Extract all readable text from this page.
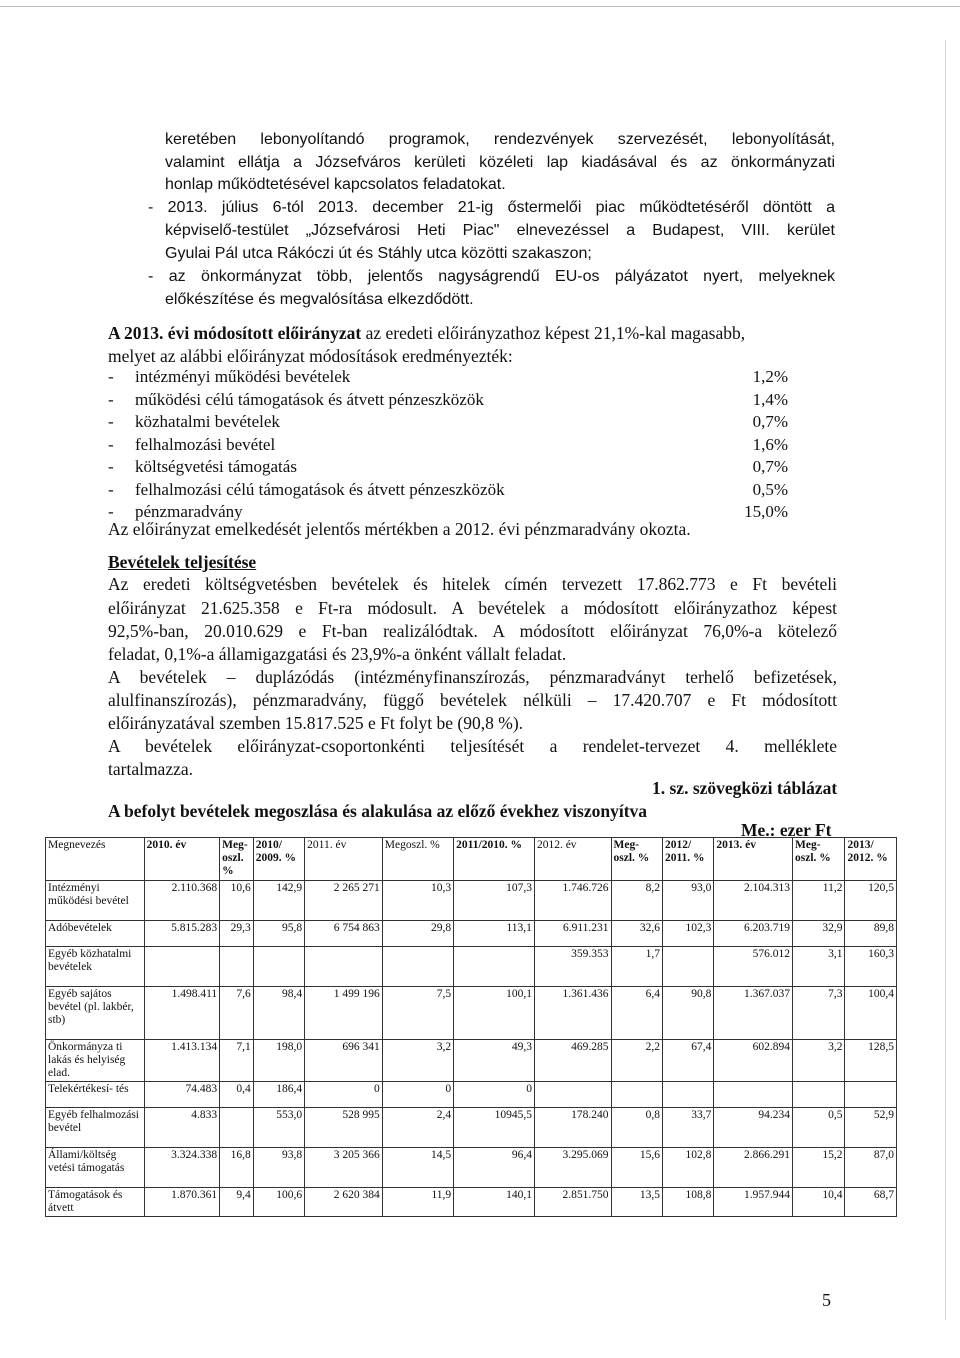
keretében lebonyolítandó programok, rendezvények szervezését, lebonyolítását,
valamint ellátja a Józsefváros kerületi közéleti lap kiadásával és az önkormányzati
honlap működtetésével kapcsolatos feladatokat.
- 2013. július 6-tól 2013. december 21-ig őstermelői piac működtetéséről döntött a
képviselő-testület „Józsefvárosi Heti Piac" elnevezéssel a Budapest, VIII. kerület
Gyulai Pál utca Rákóczi út és Stáhly utca közötti szakaszon;
- az önkormányzat több, jelentős nagyságrendű EU-os pályázatot nyert, melyeknek
előkészítése és megvalósítása elkezdődött.
A 2013. évi módosított előirányzat az eredeti előirányzathoz képest 21,1%-kal magasabb,
melyet az alábbi előirányzat módosítások eredményezték:
- intézményi működési bevételek	1,2%
- működési célú támogatások és átvett pénzeszközök	1,4%
- közhatalmi bevételek	0,7%
- felhalmozási bevétel	1,6%
- költségvetési támogatás	0,7%
- felhalmozási célú támogatások és átvett pénzeszközök	0,5%
- pénzmaradvány	15,0%
Az előirányzat emelkedését jelentős mértékben a 2012. évi pénzmaradvány okozta.
Bevételek teljesítése
Az eredeti költségvetésben bevételek és hitelek címén tervezett 17.862.773 e Ft bevételi
előirányzat 21.625.358 e Ft-ra módosult. A bevételek a módosított előirányzathoz képest
92,5%-ban, 20.010.629 e Ft-ban realizálódtak. A módosított előirányzat 76,0%-a kötelező
feladat, 0,1%-a államigazgatási és 23,9%-a önként vállalt feladat.
A bevételek – duplázódás (intézményfinanszírozás, pénzmaradványt terhelő befizetések,
alulfinanszírozás), pénzmaradvány, függő bevételek nélküli – 17.420.707 e Ft módosított
előirányzatával szemben 15.817.525 e Ft folyt be (90,8 %).
A bevételek előirányzat-csoportonkénti teljesítését a rendelet-tervezet 4. melléklete
tartalmazza.
1. sz. szövegközi táblázat
A befolyt bevételek megoszlása és alakulása az előző évekhez viszonyítva
Me.: ezer Ft
Megnevezés	2010. év	Meg- oszl. %	2010/ 2009. %	2011. év	Megoszl. %	2011/2010. %	2012. év	Meg- oszl. %	2012/ 2011. %	2013. év	Meg- oszl. %	2013/ 2012. %
Intézményi működési bevétel	2.110.368	10,6	142,9	2 265 271	10,3	107,3	1.746.726	8,2	93,0	2.104.313	11,2	120,5
Adóbevételek	5.815.283	29,3	95,8	6 754 863	29,8	113,1	6.911.231	32,6	102,3	6.203.719	32,9	89,8
Egyéb közhatalmi bevételek							359.353	1,7		576.012	3,1	160,3
Egyéb sajátos bevétel (pl. lakbér, stb)	1.498.411	7,6	98,4	1 499 196	7,5	100,1	1.361.436	6,4	90,8	1.367.037	7,3	100,4
Önkormányza ti lakás és helyiség elad.	1.413.134	7,1	198,0	696 341	3,2	49,3	469.285	2,2	67,4	602.894	3,2	128,5
Telekértékesí- tés	74.483	0,4	186,4	0	0	0						
Egyéb felhalmozási bevétel	4.833		553,0	528 995	2,4	10945,5	178.240	0,8	33,7	94.234	0,5	52,9
Állami/költség vetési támogatás	3.324.338	16,8	93,8	3 205 366	14,5	96,4	3.295.069	15,6	102,8	2.866.291	15,2	87,0
Támogatások és átvett	1.870.361	9,4	100,6	2 620 384	11,9	140,1	2.851.750	13,5	108,8	1.957.944	10,4	68,7
5
